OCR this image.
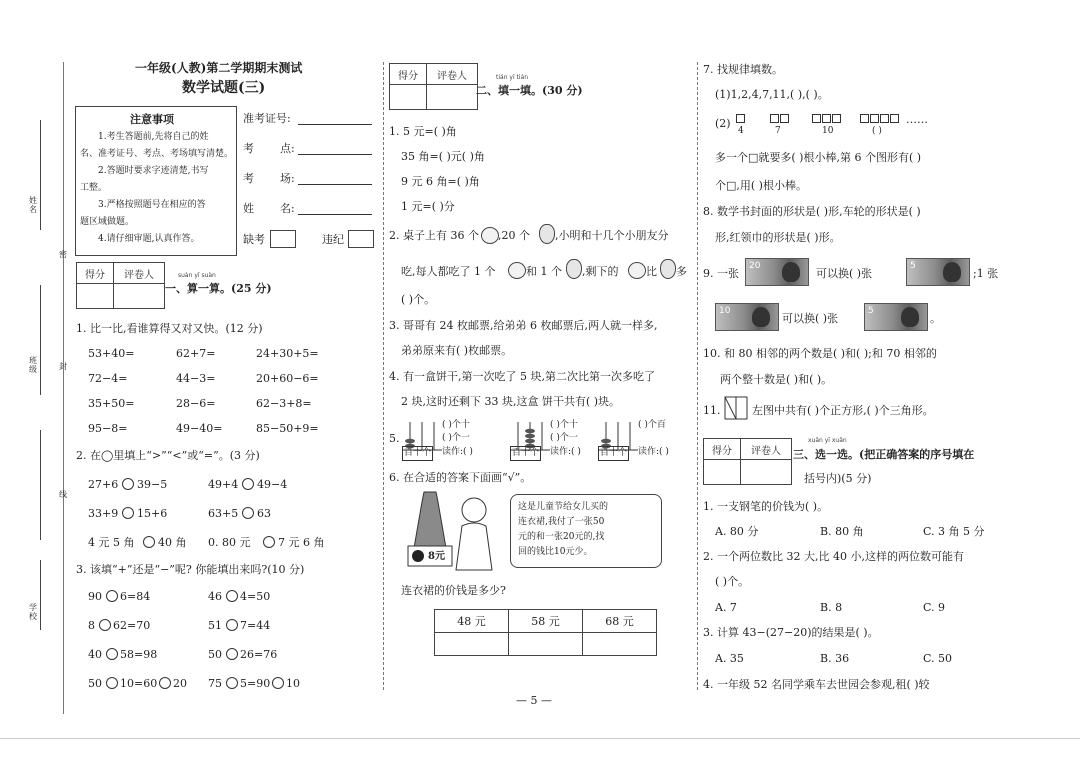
姓名
班级
学校
密
封
线
一年级(人教)第二学期期末测试
数学试题(三)
注意事项
1.考生答题前,先将自己的姓
名、准考证号、考点、考场填写清楚。
2.答题时要求字迹清楚,书写
工整。
3.严格按照题号在相应的答
题区域做题。
4.请仔细审题,认真作答。
准考证号:
考 点:
考 场:
姓 名:
缺考	违纪
得分	评卷人
		suàn yī suàn
一、算一算。(25 分)
1. 比一比,看谁算得又对又快。(12 分)
53+40=	62+7=	24+30+5=
72−4=	44−3=	20+60−6=
35+50=	28−6=	62−3+8=
95−8=	49−40=	85−50+9=
2. 在◯里填上“>”“<”或“=”。(3 分)
27+6 39−5	49+4 49−4
33+9 15+6	63+5 63
4 元 5 角 40 角 0. 80 元	7 元 6 角
3. 该填“+”还是“−”呢? 你能填出来吗?(10 分)
90 6=84	46 4=50
8 62=70	51 7=44
40 58=98	50 26=76
50 10=60 20 75 5=90 10
得分	评卷人
		tián yī tián
二、填一填。(30 分)
1. 5 元=( )角
35 角=( )元( )角
9 元 6 角=( )角
1 元=( )分
2. 桌子上有 36 个 ,20 个 ,小明和十几个小朋友分
吃,每人都吃了 1 个	和 1 个 ,剩下的	比 多
( )个。
3. 哥哥有 24 枚邮票,给弟弟 6 枚邮票后,两人就一样多,
弟弟原来有( )枚邮票。
4. 有一盒饼干,第一次吃了 5 块,第二次比第一次多吃了
2 块,这时还剩下 33 块,这盒 饼干共有( )块。
5.
百十个
( )个十
( )个一
读作:( )	百十个
( )个十
( )个一
读作:( ) 百十个
( )个百
读作:( )
6. 在合适的答案下面画“√”。
8元
这是儿童节给女儿买的
连衣裙,我付了一张50
元的和一张20元的,找
回的钱比10元少。
连衣裙的价钱是多少?
48 元	58 元	68 元

— 5 —
7. 找规律填数。
(1)1,2,4,7,11,( ),( )。
(2)
4	7	10	( )
……
多一个□就要多( )根小棒,第 6 个图形有( )
个□,用( )根小棒。
8. 数学书封面的形状是( )形,车轮的形状是( )
形,红领巾的形状是( )形。
9. 一张
20
可以换( )张
5
;1 张
10
可以换( )张
5
。
10. 和 80 相邻的两个数是( )和( );和 70 相邻的
两个整十数是( )和( )。
11.	左图中共有( )个正方形,( )个三角形。
得分	评卷人

xuǎn yī xuǎn
三、选一选。(把正确答案的序号填在
括号内)(5 分)
1. 一支钢笔的价钱为( )。
A. 80 分	B. 80 角	C. 3 角 5 分
2. 一个两位数比 32 大,比 40 小,这样的两位数可能有
( )个。
A. 7	B. 8	C. 9
3. 计算 43−(27−20)的结果是( )。
A. 35	B. 36	C. 50
4. 一年级 52 名同学乘车去世园会参观,租( )较
